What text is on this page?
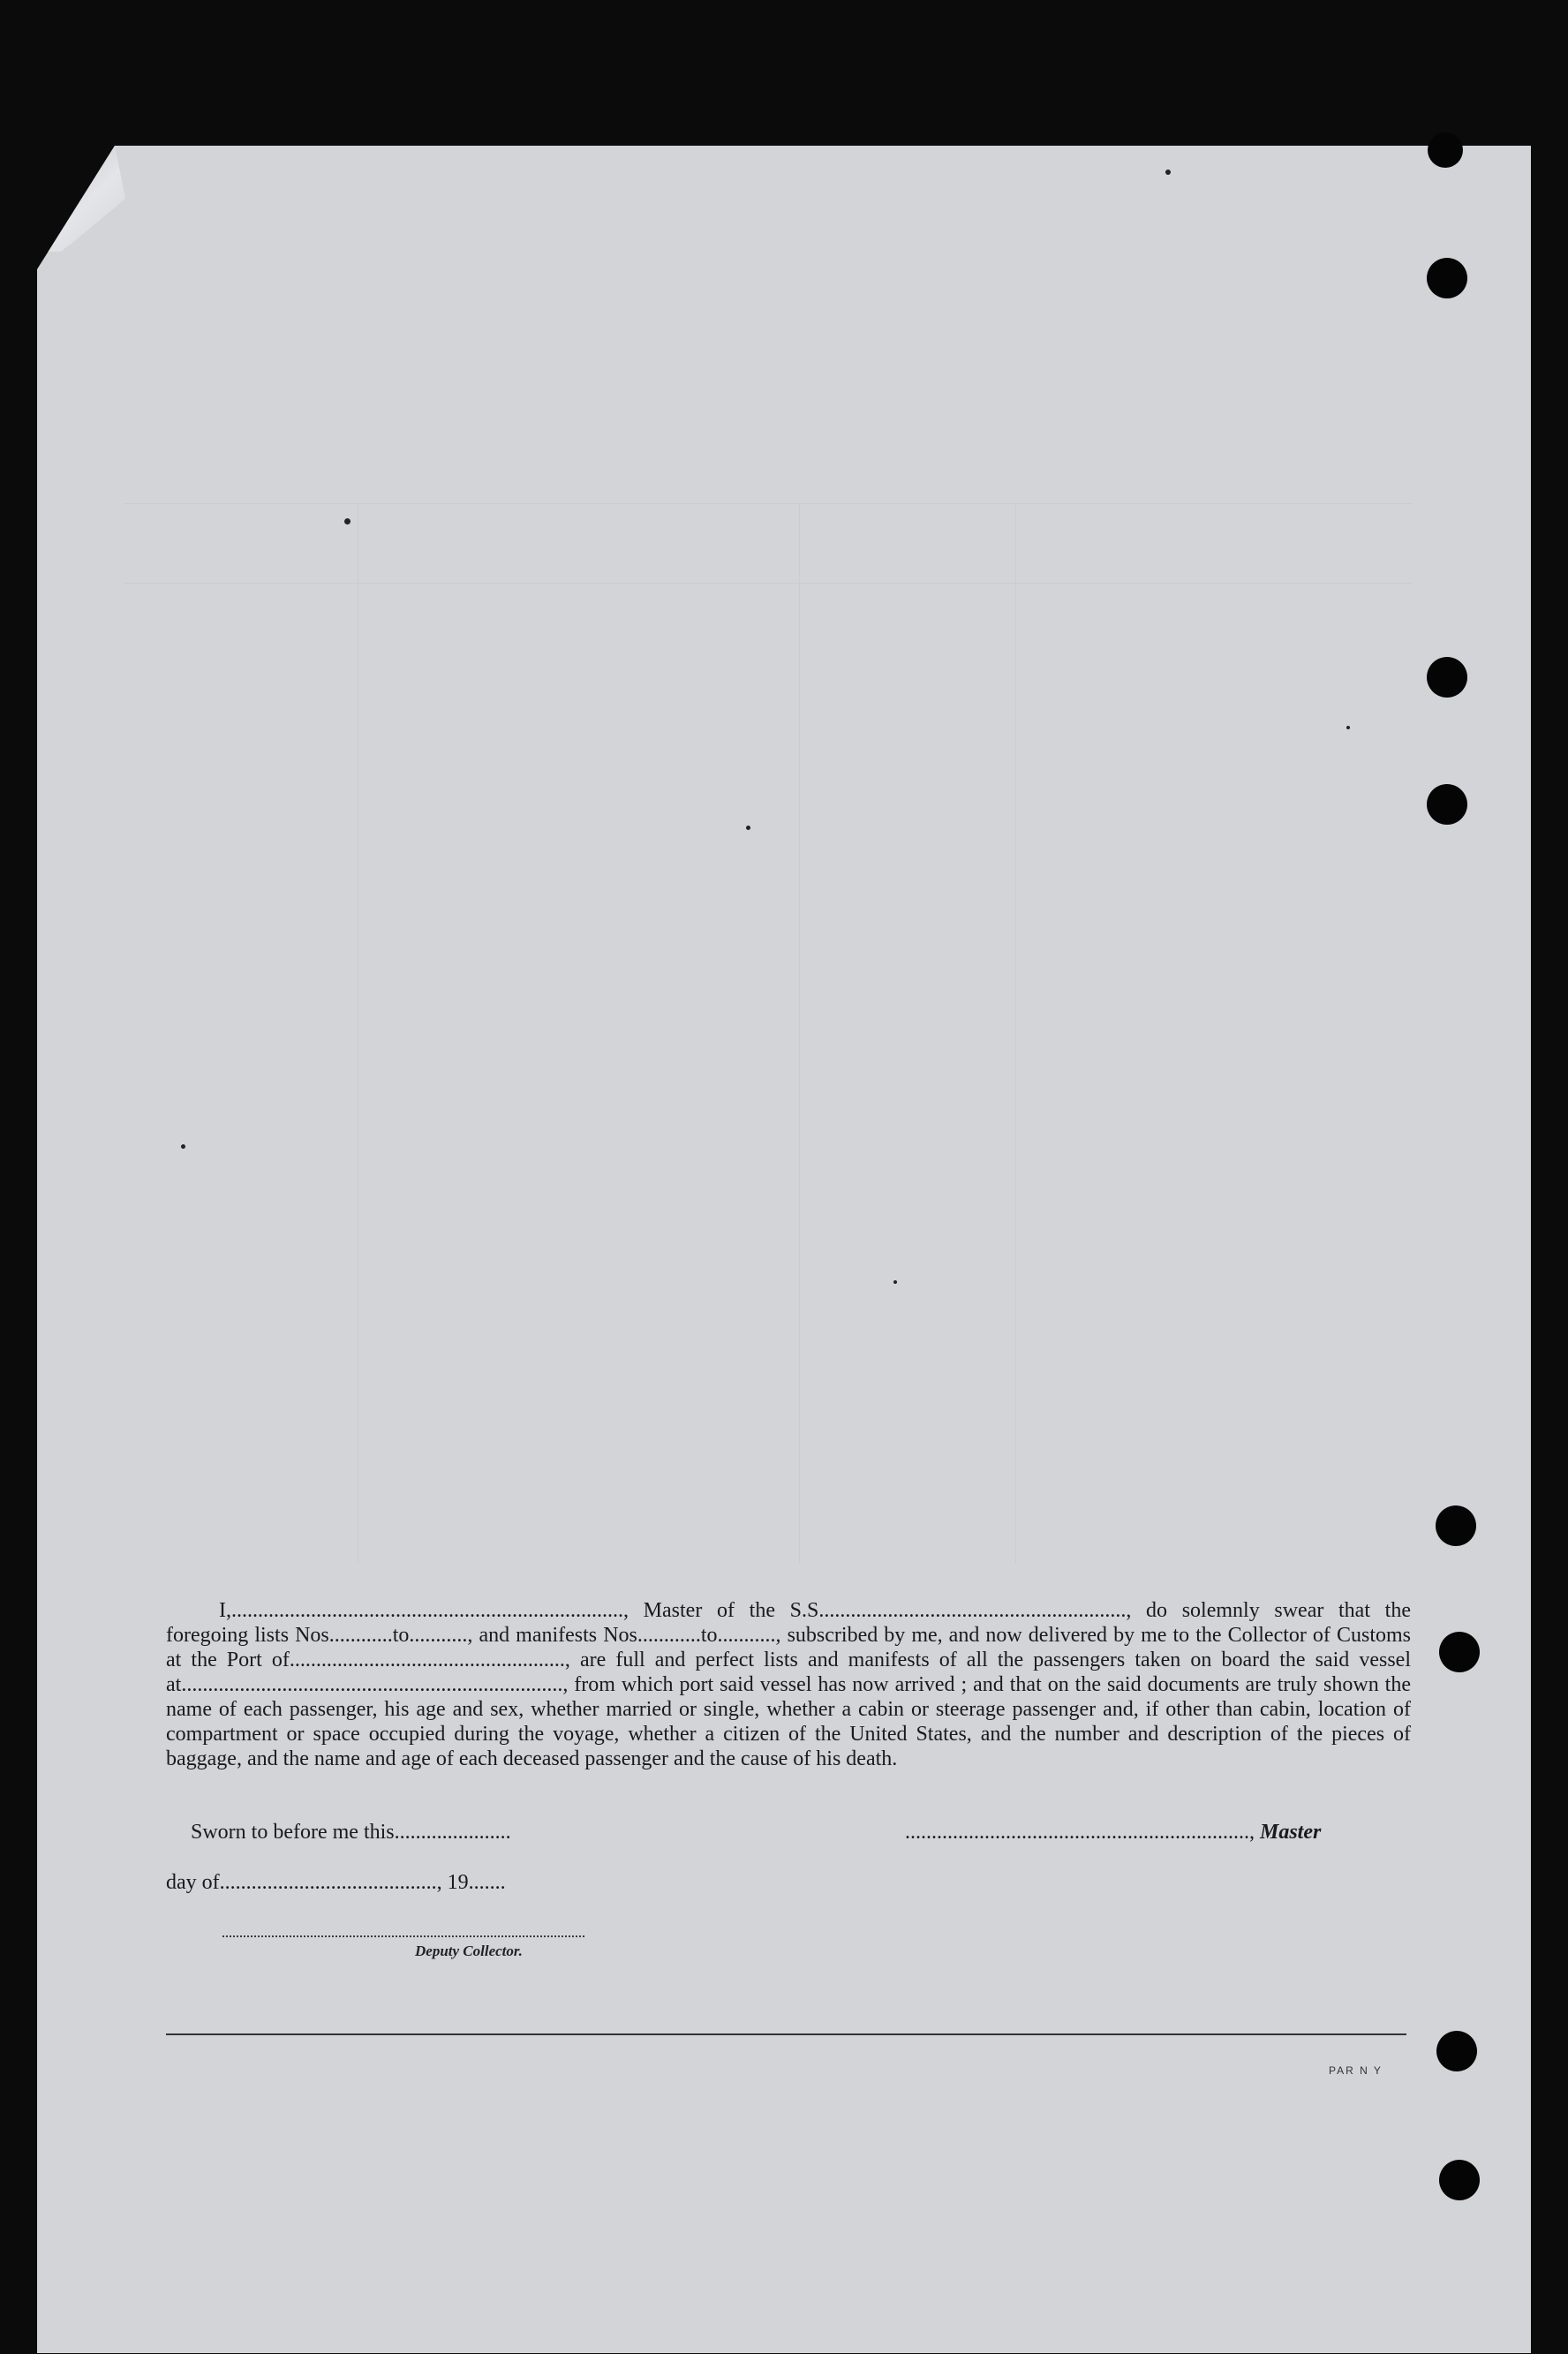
I,.........................................................................., Master of the S.S.........................................................., do solemnly swear that the foregoing lists Nos............to..........., and manifests Nos............to..........., subscribed by me, and now delivered by me to the Collector of Customs at the Port of...................................................., are full and perfect lists and manifests of all the passengers taken on board the said vessel at........................................................................, from which port said vessel has now arrived ; and that on the said documents are truly shown the name of each passenger, his age and sex, whether married or single, whether a cabin or steerage passenger and, if other than cabin, location of compartment or space occupied during the voyage, whether a citizen of the United States, and the number and description of the pieces of baggage, and the name and age of each deceased passenger and the cause of his death.
Sworn to before me this......................	................................................................., Master
day of........................................., 19.......
Deputy Collector.
PAR N Y
